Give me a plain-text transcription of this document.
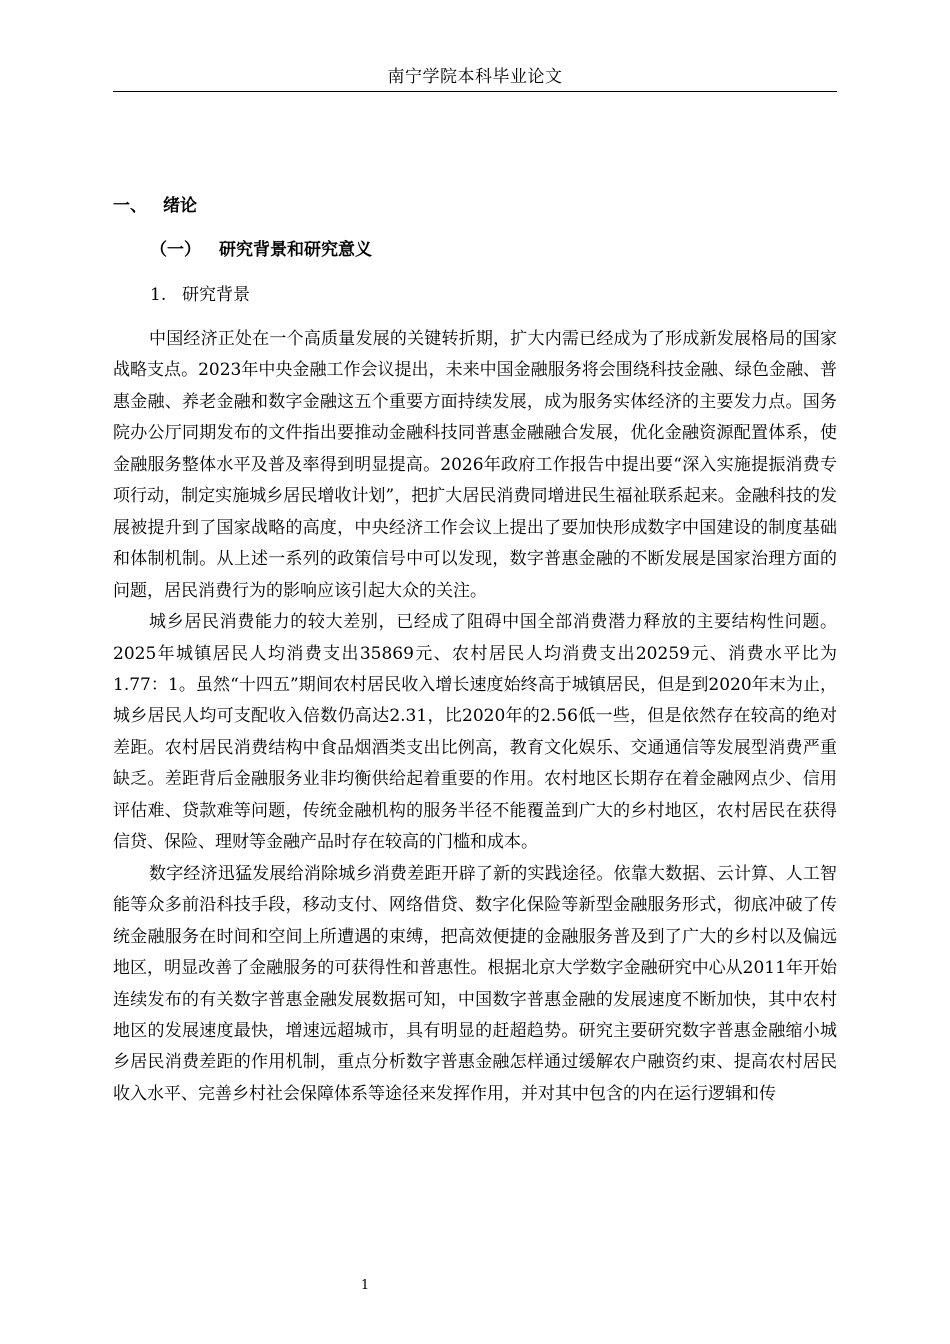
南宁学院本科毕业论文
一、 绪论
（一） 研究背景和研究意义
1. 研究背景

中国经济正处在一个高质量发展的关键转折期，扩大内需已经成为了形成新发展格局的国家战略支点。2023年中央金融工作会议提出，未来中国金融服务将会围绕科技金融、绿色金融、普惠金融、养老金融和数字金融这五个重要方面持续发展，成为服务实体经济的主要发力点。国务院办公厅同期发布的文件指出要推动金融科技同普惠金融融合发展，优化金融资源配置体系，使金融服务整体水平及普及率得到明显提高。2026年政府工作报告中提出要“深入实施提振消费专项行动，制定实施城乡居民增收计划”，把扩大居民消费同增进民生福祉联系起来。金融科技的发展被提升到了国家战略的高度，中央经济工作会议上提出了要加快形成数字中国建设的制度基础和体制机制。从上述一系列的政策信号中可以发现，数字普惠金融的不断发展是国家治理方面的问题，居民消费行为的影响应该引起大众的关注。

城乡居民消费能力的较大差别，已经成了阻碍中国全部消费潜力释放的主要结构性问题。2025年城镇居民人均消费支出35869元、农村居民人均消费支出20259元、消费水平比为1.77：1。虽然“十四五”期间农村居民收入增长速度始终高于城镇居民，但是到2020年末为止，城乡居民人均可支配收入倍数仍高达2.31，比2020年的2.56低一些，但是依然存在较高的绝对差距。农村居民消费结构中食品烟酒类支出比例高，教育文化娱乐、交通通信等发展型消费严重缺乏。差距背后金融服务业非均衡供给起着重要的作用。农村地区长期存在着金融网点少、信用评估难、贷款难等问题，传统金融机构的服务半径不能覆盖到广大的乡村地区，农村居民在获得信贷、保险、理财等金融产品时存在较高的门槛和成本。

数字经济迅猛发展给消除城乡消费差距开辟了新的实践途径。依靠大数据、云计算、人工智能等众多前沿科技手段，移动支付、网络借贷、数字化保险等新型金融服务形式，彻底冲破了传统金融服务在时间和空间上所遭遇的束缚，把高效便捷的金融服务普及到了广大的乡村以及偏远地区，明显改善了金融服务的可获得性和普惠性。根据北京大学数字金融研究中心从2011年开始连续发布的有关数字普惠金融发展数据可知，中国数字普惠金融的发展速度不断加快，其中农村地区的发展速度最快，增速远超城市，具有明显的赶超趋势。研究主要研究数字普惠金融缩小城乡居民消费差距的作用机制，重点分析数字普惠金融怎样通过缓解农户融资约束、提高农村居民收入水平、完善乡村社会保障体系等途径来发挥作用，并对其中包含的内在运行逻辑和传

1
